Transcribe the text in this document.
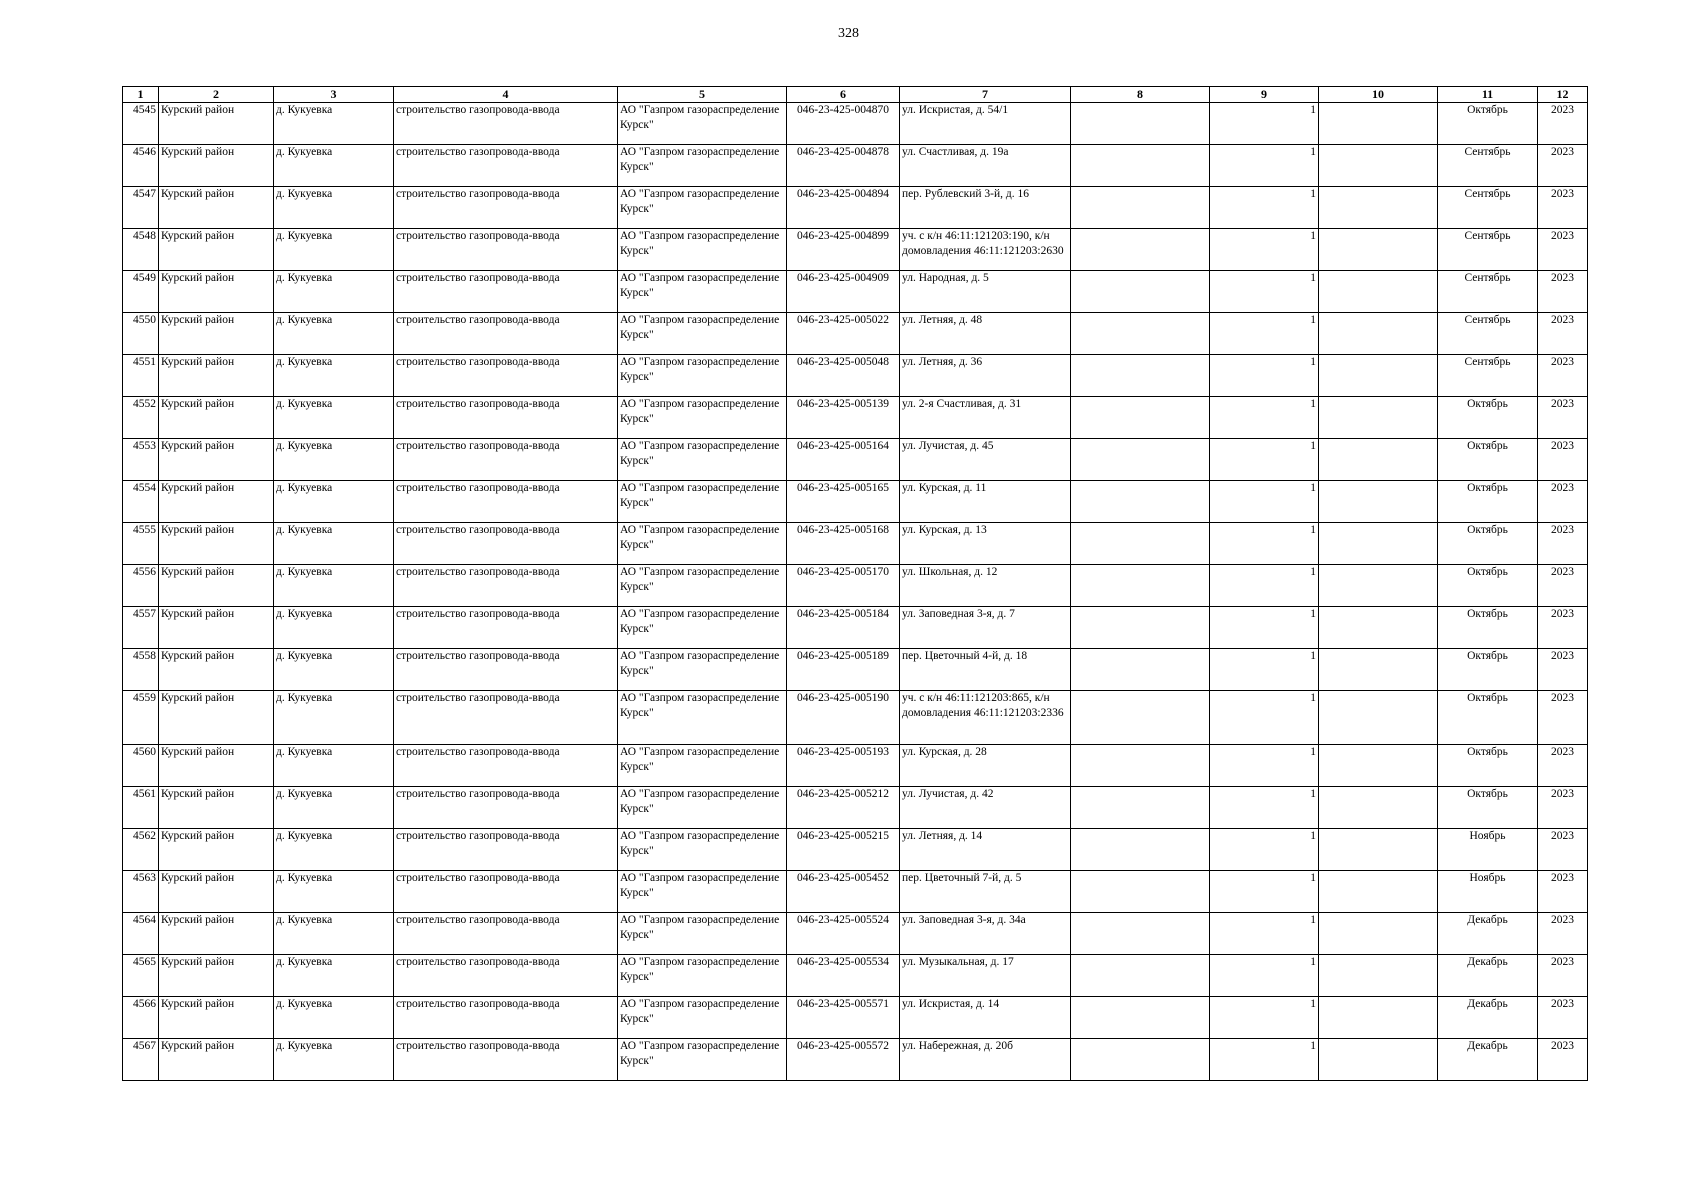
328
1	2	3	4	5	6	7	8	9	10	11	12
4545	Курский район	д. Кукуевка	строительство газопровода-ввода	АО "Газпром газораспределение Курск"	046-23-425-004870	ул. Искристая, д. 54/1		1		Октябрь	2023
4546	Курский район	д. Кукуевка	строительство газопровода-ввода	АО "Газпром газораспределение Курск"	046-23-425-004878	ул. Счастливая, д. 19а		1		Сентябрь	2023
4547	Курский район	д. Кукуевка	строительство газопровода-ввода	АО "Газпром газораспределение Курск"	046-23-425-004894	пер. Рублевский 3-й, д. 16		1		Сентябрь	2023
4548	Курский район	д. Кукуевка	строительство газопровода-ввода	АО "Газпром газораспределение Курск"	046-23-425-004899	уч. с к/н 46:11:121203:190, к/н домовладения 46:11:121203:2630		1		Сентябрь	2023
4549	Курский район	д. Кукуевка	строительство газопровода-ввода	АО "Газпром газораспределение Курск"	046-23-425-004909	ул. Народная, д. 5		1		Сентябрь	2023
4550	Курский район	д. Кукуевка	строительство газопровода-ввода	АО "Газпром газораспределение Курск"	046-23-425-005022	ул. Летняя, д. 48		1		Сентябрь	2023
4551	Курский район	д. Кукуевка	строительство газопровода-ввода	АО "Газпром газораспределение Курск"	046-23-425-005048	ул. Летняя, д. 36		1		Сентябрь	2023
4552	Курский район	д. Кукуевка	строительство газопровода-ввода	АО "Газпром газораспределение Курск"	046-23-425-005139	ул. 2-я Счастливая, д. 31		1		Октябрь	2023
4553	Курский район	д. Кукуевка	строительство газопровода-ввода	АО "Газпром газораспределение Курск"	046-23-425-005164	ул. Лучистая, д. 45		1		Октябрь	2023
4554	Курский район	д. Кукуевка	строительство газопровода-ввода	АО "Газпром газораспределение Курск"	046-23-425-005165	ул. Курская, д. 11		1		Октябрь	2023
4555	Курский район	д. Кукуевка	строительство газопровода-ввода	АО "Газпром газораспределение Курск"	046-23-425-005168	ул. Курская, д. 13		1		Октябрь	2023
4556	Курский район	д. Кукуевка	строительство газопровода-ввода	АО "Газпром газораспределение Курск"	046-23-425-005170	ул. Школьная, д. 12		1		Октябрь	2023
4557	Курский район	д. Кукуевка	строительство газопровода-ввода	АО "Газпром газораспределение Курск"	046-23-425-005184	ул. Заповедная 3-я, д. 7		1		Октябрь	2023
4558	Курский район	д. Кукуевка	строительство газопровода-ввода	АО "Газпром газораспределение Курск"	046-23-425-005189	пер. Цветочный 4-й, д. 18		1		Октябрь	2023
4559	Курский район	д. Кукуевка	строительство газопровода-ввода	АО "Газпром газораспределение Курск"	046-23-425-005190	уч. с к/н 46:11:121203:865, к/н домовладения 46:11:121203:2336		1		Октябрь	2023
4560	Курский район	д. Кукуевка	строительство газопровода-ввода	АО "Газпром газораспределение Курск"	046-23-425-005193	ул. Курская, д. 28		1		Октябрь	2023
4561	Курский район	д. Кукуевка	строительство газопровода-ввода	АО "Газпром газораспределение Курск"	046-23-425-005212	ул. Лучистая, д. 42		1		Октябрь	2023
4562	Курский район	д. Кукуевка	строительство газопровода-ввода	АО "Газпром газораспределение Курск"	046-23-425-005215	ул. Летняя, д. 14		1		Ноябрь	2023
4563	Курский район	д. Кукуевка	строительство газопровода-ввода	АО "Газпром газораспределение Курск"	046-23-425-005452	пер. Цветочный 7-й, д. 5		1		Ноябрь	2023
4564	Курский район	д. Кукуевка	строительство газопровода-ввода	АО "Газпром газораспределение Курск"	046-23-425-005524	ул. Заповедная 3-я, д. 34а		1		Декабрь	2023
4565	Курский район	д. Кукуевка	строительство газопровода-ввода	АО "Газпром газораспределение Курск"	046-23-425-005534	ул. Музыкальная, д. 17		1		Декабрь	2023
4566	Курский район	д. Кукуевка	строительство газопровода-ввода	АО "Газпром газораспределение Курск"	046-23-425-005571	ул. Искристая, д. 14		1		Декабрь	2023
4567	Курский район	д. Кукуевка	строительство газопровода-ввода	АО "Газпром газораспределение Курск"	046-23-425-005572	ул. Набережная, д. 20б		1		Декабрь	2023
